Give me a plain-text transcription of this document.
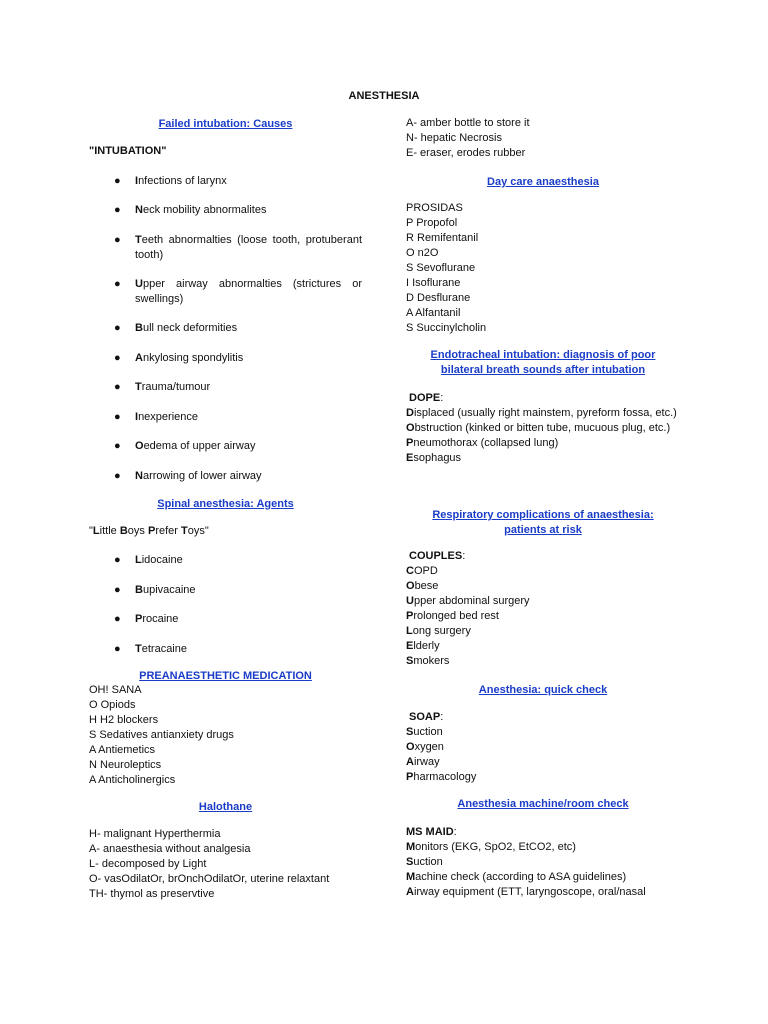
ANESTHESIA
Failed intubation: Causes
"INTUBATION"
● Infections of larynx
● Neck mobility abnormalites
● Teeth abnormalties (loose tooth, protuberant tooth)
● Upper airway abnormalties (strictures or swellings)
● Bull neck deformities
● Ankylosing spondylitis
● Trauma/tumour
● Inexperience
● Oedema of upper airway
● Narrowing of lower airway
Spinal anesthesia: Agents
"Little Boys Prefer Toys"
● Lidocaine
● Bupivacaine
● Procaine
● Tetracaine
PREANAESTHETIC MEDICATION
OH! SANA
O Opiods
H H2 blockers
S Sedatives antianxiety drugs
A Antiemetics
N Neuroleptics
A Anticholinergics
Halothane
H- malignant Hyperthermia
A- anaesthesia without analgesia
L- decomposed by Light
O- vasOdilatOr, brOnchOdilatOr, uterine relaxtant
TH- thymol as preservtive
A- amber bottle to store it
N- hepatic Necrosis
E- eraser, erodes rubber
Day care anaesthesia
PROSIDAS
P Propofol
R Remifentanil
O n2O
S Sevoflurane
I Isoflurane
D Desflurane
A Alfantanil
S Succinylcholin
Endotracheal intubation: diagnosis of poor bilateral breath sounds after intubation
DOPE:
Displaced (usually right mainstem, pyreform fossa, etc.)
Obstruction (kinked or bitten tube, mucuous plug, etc.)
Pneumothorax (collapsed lung)
Esophagus
Respiratory complications of anaesthesia: patients at risk
COUPLES:
COPD
Obese
Upper abdominal surgery
Prolonged bed rest
Long surgery
Elderly
Smokers
Anesthesia: quick check
SOAP:
Suction
Oxygen
Airway
Pharmacology
Anesthesia machine/room check
MS MAID:
Monitors (EKG, SpO2, EtCO2, etc)
Suction
Machine check (according to ASA guidelines)
Airway equipment (ETT, laryngoscope, oral/nasal
